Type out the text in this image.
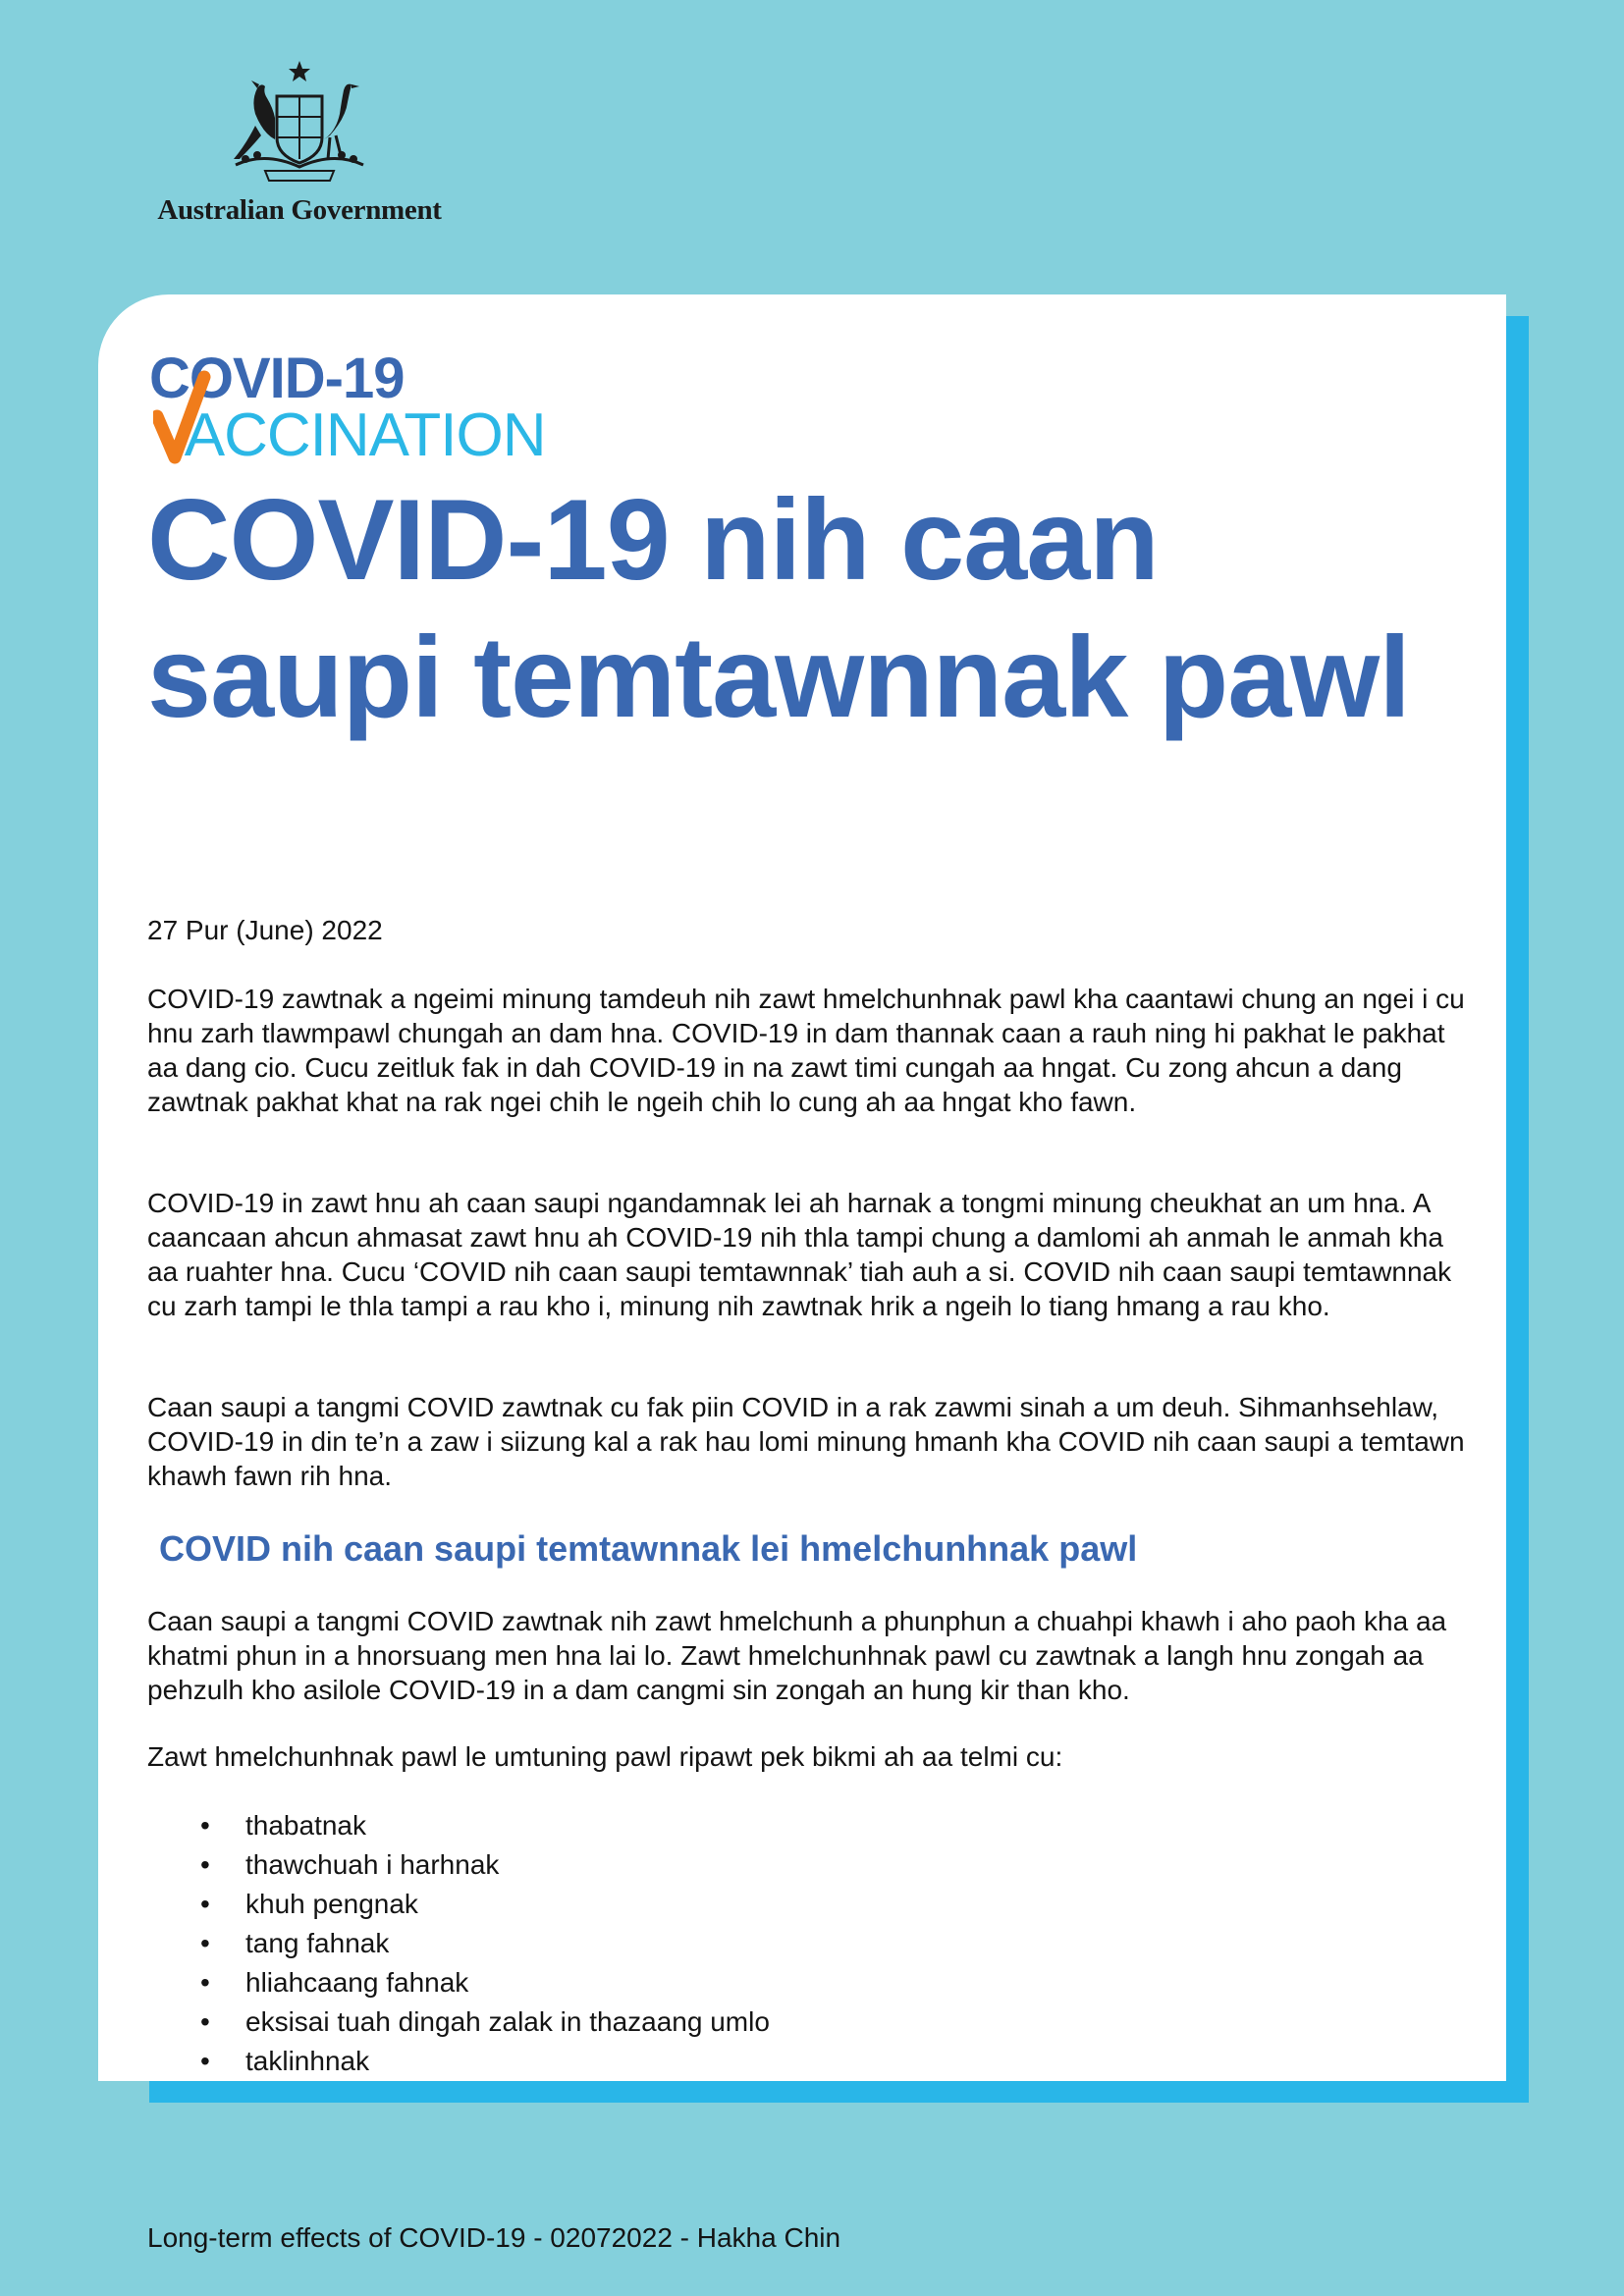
Australian Government
COVID-19
ACCINATION
COVID-19 nih caan saupi temtawnnak pawl

27 Pur (June) 2022

COVID-19 zawtnak a ngeimi minung tamdeuh nih zawt hmelchunhnak pawl kha caantawi chung an ngei i cu hnu zarh tlawmpawl chungah an dam hna. COVID-19 in dam thannak caan a rauh ning hi pakhat le pakhat aa dang cio. Cucu zeitluk fak in dah COVID-19 in na zawt timi cungah aa hngat. Cu zong ahcun a dang zawtnak pakhat khat na rak ngei chih le ngeih chih lo cung ah aa hngat kho fawn.

COVID-19 in zawt hnu ah caan saupi ngandamnak lei ah harnak a tongmi minung cheukhat an um hna. A caancaan ahcun ahmasat zawt hnu ah COVID-19 nih thla tampi chung a damlomi ah anmah le anmah kha aa ruahter hna. Cucu ‘COVID nih caan saupi temtawnnak’ tiah auh a si. COVID nih caan saupi temtawnnak cu zarh tampi le thla tampi a rau kho i, minung nih zawtnak hrik a ngeih lo tiang hmang a rau kho.

Caan saupi a tangmi COVID zawtnak cu fak piin COVID in a rak zawmi sinah a um deuh. Sihmanhsehlaw, COVID-19 in din te’n a zaw i siizung kal a rak hau lomi minung hmanh kha COVID nih caan saupi a temtawn khawh fawn rih hna.

COVID nih caan saupi temtawnnak lei hmelchunhnak pawl

Caan saupi a tangmi COVID zawtnak nih zawt hmelchunh a phunphun a chuahpi khawh i aho paoh kha aa khatmi phun in a hnorsuang men hna lai lo. Zawt hmelchunhnak pawl cu zawtnak a langh hnu zongah aa pehzulh kho asilole COVID-19 in a dam cangmi sin zongah an hung kir than kho.

Zawt hmelchunhnak pawl le umtuning pawl ripawt pek bikmi ah aa telmi cu:

• thabatnak
• thawchuah i harhnak
• khuh pengnak
• tang fahnak
• hliahcaang fahnak
• eksisai tuah dingah zalak in thazaang umlo
• taklinhnak

Long-term effects of COVID-19 - 02072022 - Hakha Chin
